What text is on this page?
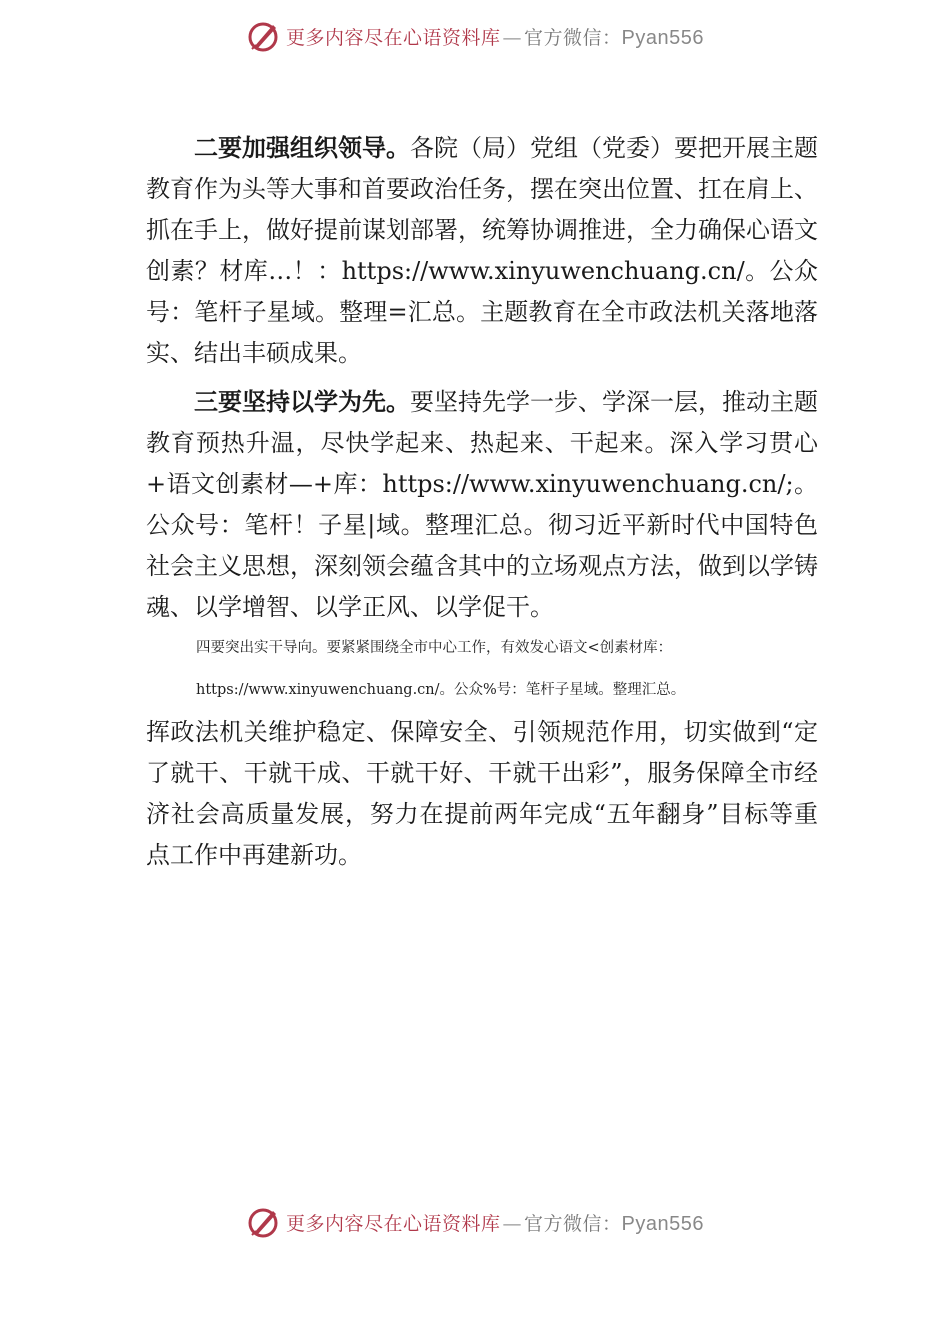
更多内容尽在心语资料库 — 官方微信：Pyan556

二要加强组织领导。各院（局）党组（党委）要把开展主题教育作为头等大事和首要政治任务，摆在突出位置、扛在肩上、抓在手上，做好提前谋划部署，统筹协调推进，全力确保心语文创素？材库…！：https://www.xinyuwenchuang.cn/。公众号：笔杆子星域。整理=汇总。主题教育在全市政法机关落地落实、结出丰硕成果。

三要坚持以学为先。要坚持先学一步、学深一层，推动主题教育预热升温，尽快学起来、热起来、干起来。深入学习贯心+语文创素材—+库：https://www.xinyuwenchuang.cn/;。公众号：笔杆！子星|域。整理汇总。彻习近平新时代中国特色社会主义思想，深刻领会蕴含其中的立场观点方法，做到以学铸魂、以学增智、以学正风、以学促干。

四要突出实干导向。要紧紧围绕全市中心工作，有效发心语文<创素材库：
https://www.xinyuwenchuang.cn/。公众%号：笔杆子星域。整理汇总。

挥政法机关维护稳定、保障安全、引领规范作用，切实做到“定了就干、干就干成、干就干好、干就干出彩”，服务保障全市经济社会高质量发展，努力在提前两年完成“五年翻身”目标等重点工作中再建新功。

更多内容尽在心语资料库 — 官方微信：Pyan556
